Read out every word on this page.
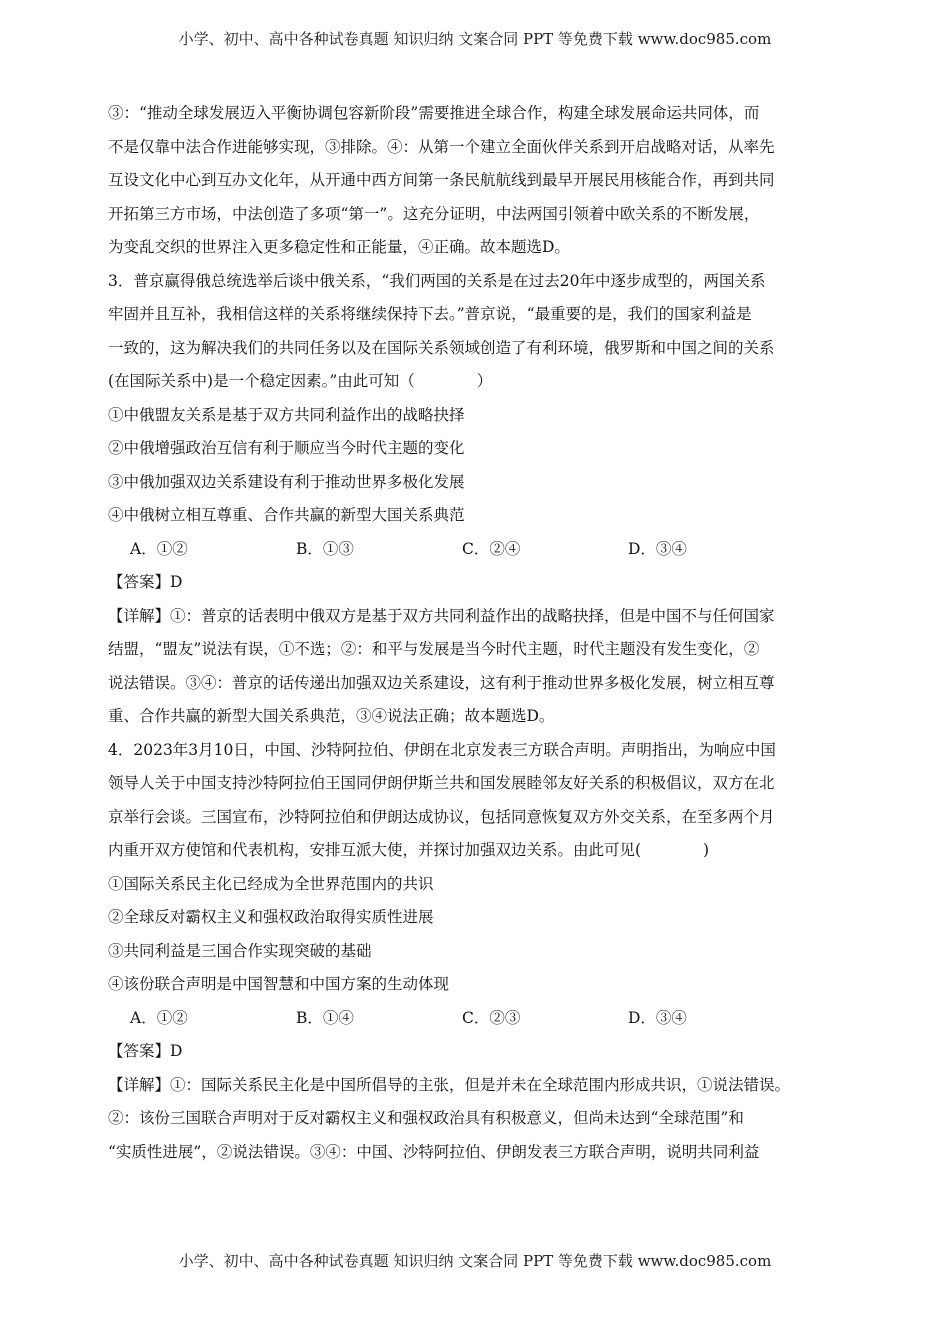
小学、初中、高中各种试卷真题 知识归纳 文案合同 PPT 等免费下载 www.doc985.com

③：“推动全球发展迈入平衡协调包容新阶段”需要推进全球合作，构建全球发展命运共同体，而

不是仅靠中法合作进能够实现，③排除。④：从第一个建立全面伙伴关系到开启战略对话，从率先

互设文化中心到互办文化年，从开通中西方间第一条民航航线到最早开展民用核能合作，再到共同

开拓第三方市场，中法创造了多项“第一”。这充分证明，中法两国引领着中欧关系的不断发展，

为变乱交织的世界注入更多稳定性和正能量，④正确。故本题选D。

3．普京赢得俄总统选举后谈中俄关系，“我们两国的关系是在过去20年中逐步成型的，两国关系

牢固并且互补，我相信这样的关系将继续保持下去。”普京说，“最重要的是，我们的国家利益是

一致的，这为解决我们的共同任务以及在国际关系领域创造了有利环境，俄罗斯和中国之间的关系

(在国际关系中)是一个稳定因素。”由此可知（　　　　）

①中俄盟友关系是基于双方共同利益作出的战略抉择

②中俄增强政治互信有利于顺应当今时代主题的变化

③中俄加强双边关系建设有利于推动世界多极化发展

④中俄树立相互尊重、合作共赢的新型大国关系典范

A．①②	B．①③	C．②④	D．③④

【答案】D

【详解】①：普京的话表明中俄双方是基于双方共同利益作出的战略抉择，但是中国不与任何国家

结盟，“盟友”说法有误，①不选；②：和平与发展是当今时代主题，时代主题没有发生变化，②

说法错误。③④：普京的话传递出加强双边关系建设，这有利于推动世界多极化发展，树立相互尊

重、合作共赢的新型大国关系典范，③④说法正确；故本题选D。

4．2023年3月10日，中国、沙特阿拉伯、伊朗在北京发表三方联合声明。声明指出，为响应中国

领导人关于中国支持沙特阿拉伯王国同伊朗伊斯兰共和国发展睦邻友好关系的积极倡议，双方在北

京举行会谈。三国宣布，沙特阿拉伯和伊朗达成协议，包括同意恢复双方外交关系，在至多两个月

内重开双方使馆和代表机构，安排互派大使，并探讨加强双边关系。由此可见(　　　　)

①国际关系民主化已经成为全世界范围内的共识

②全球反对霸权主义和强权政治取得实质性进展

③共同利益是三国合作实现突破的基础

④该份联合声明是中国智慧和中国方案的生动体现

A．①②	B．①④	C．②③	D．③④

【答案】D

【详解】①：国际关系民主化是中国所倡导的主张，但是并未在全球范围内形成共识，①说法错误。

②：该份三国联合声明对于反对霸权主义和强权政治具有积极意义，但尚未达到“全球范围”和

“实质性进展”，②说法错误。③④：中国、沙特阿拉伯、伊朗发表三方联合声明，说明共同利益

小学、初中、高中各种试卷真题 知识归纳 文案合同 PPT 等免费下载 www.doc985.com
